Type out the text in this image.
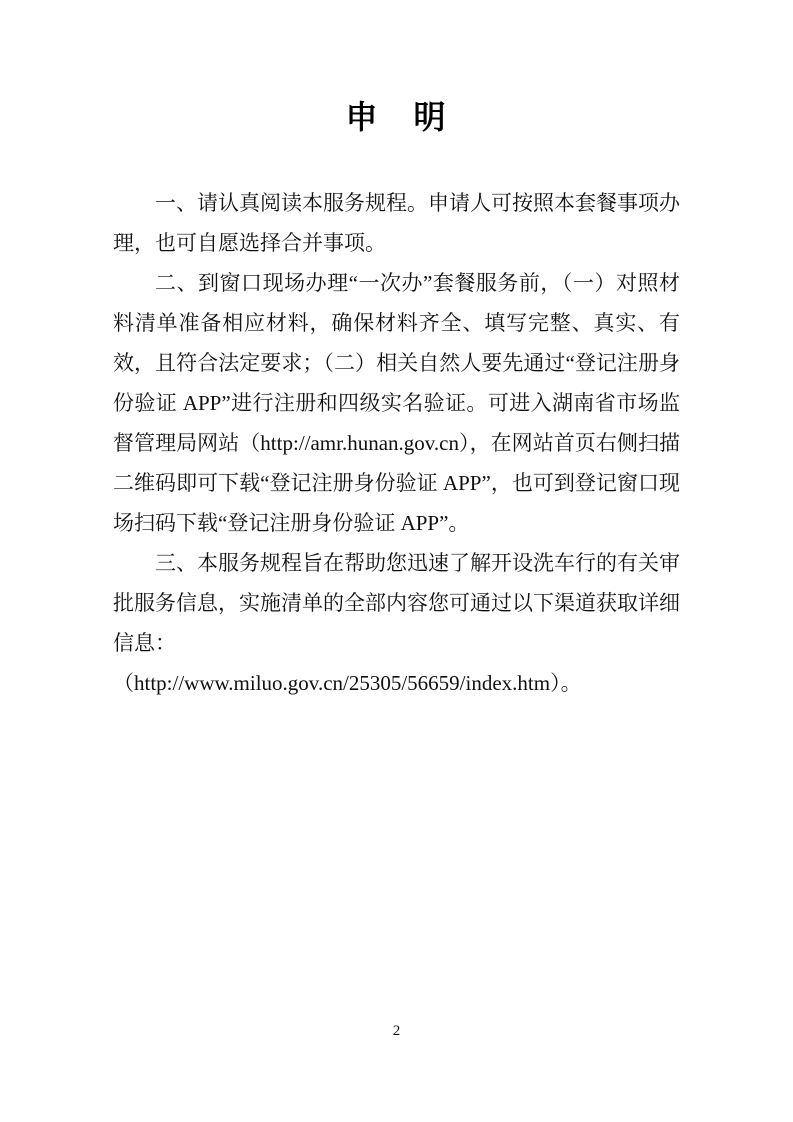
申　明

一、请认真阅读本服务规程。申请人可按照本套餐事项办理，也可自愿选择合并事项。

二、到窗口现场办理“一次办”套餐服务前，（一）对照材料清单准备相应材料，确保材料齐全、填写完整、真实、有效，且符合法定要求；（二）相关自然人要先通过“登记注册身份验证 APP”进行注册和四级实名验证。可进入湖南省市场监督管理局网站（http://amr.hunan.gov.cn），在网站首页右侧扫描二维码即可下载“登记注册身份验证 APP”，也可到登记窗口现场扫码下载“登记注册身份验证 APP”。

三、本服务规程旨在帮助您迅速了解开设洗车行的有关审批服务信息，实施清单的全部内容您可通过以下渠道获取详细信息：

（http://www.miluo.gov.cn/25305/56659/index.htm）。

2
